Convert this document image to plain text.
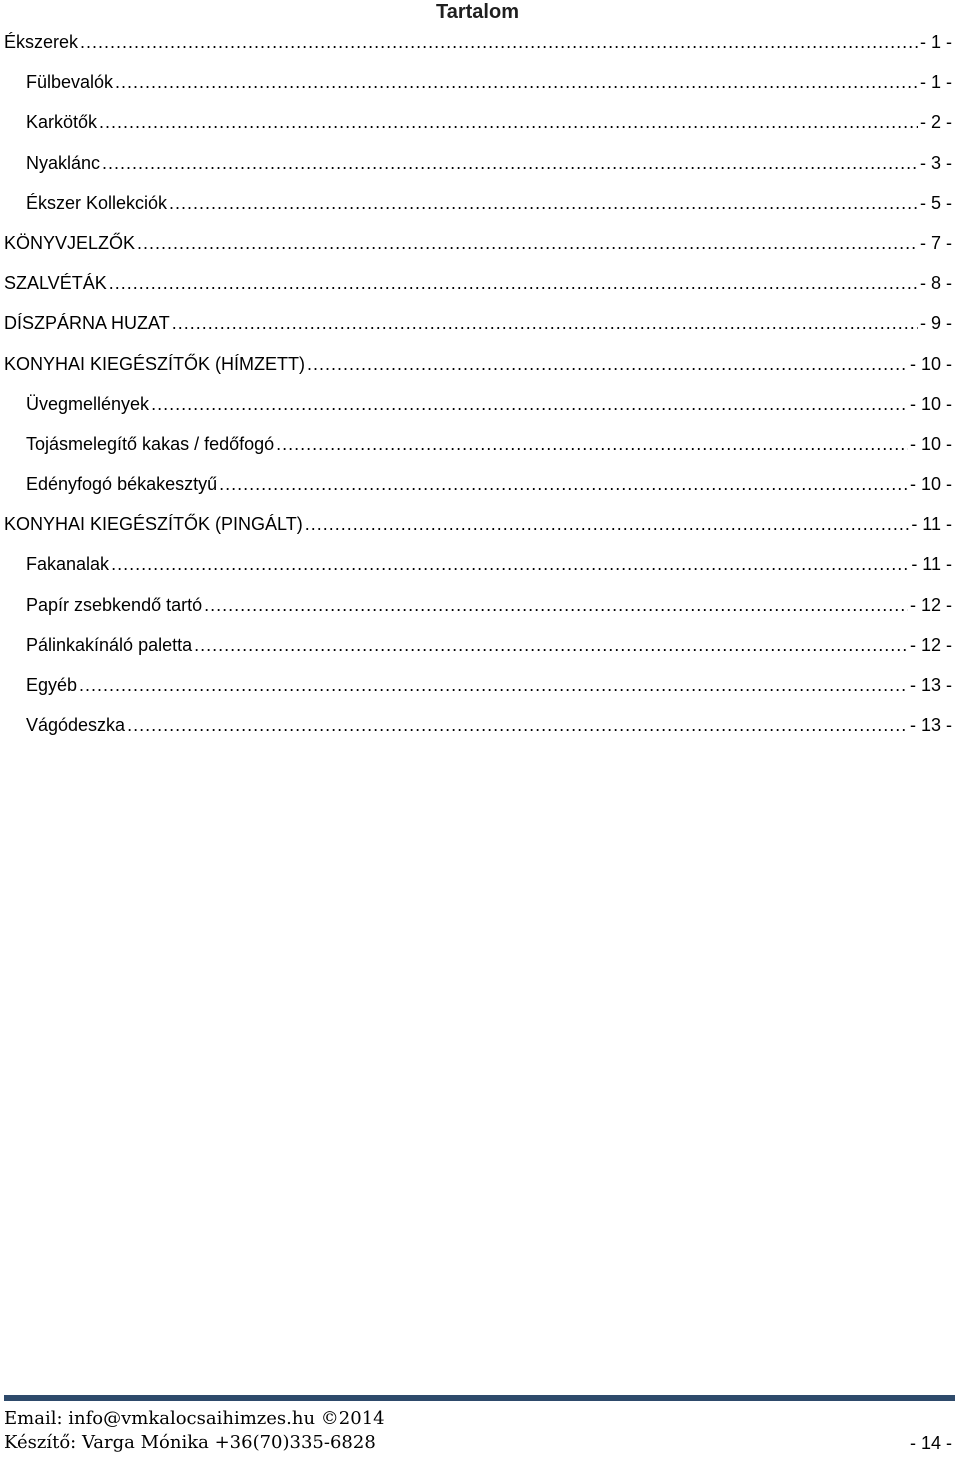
Tartalom
Ékszerek .....	- 1 -
Fülbevalók .....	- 1 -
Karkötők .....	- 2 -
Nyaklánc .....	- 3 -
Ékszer Kollekciók .....	- 5 -
KÖNYVJELZŐK .....	- 7 -
SZALVÉTÁK .....	- 8 -
DÍSZPÁRNA HUZAT .....	- 9 -
KONYHAI KIEGÉSZÍTŐK (HÍMZETT) .....	- 10 -
Üvegmellények .....	- 10 -
Tojásmelegítő kakas / fedőfogó .....	- 10 -
Edényfogó békakesztyű .....	- 10 -
KONYHAI KIEGÉSZÍTŐK (PINGÁLT) .....	- 11 -
Fakanalak .....	- 11 -
Papír zsebkendő tartó .....	- 12 -
Pálinkakínáló paletta .....	- 12 -
Egyéb .....	- 13 -
Vágódeszka .....	- 13 -
Email: info@vmkalocsaihimzes.hu ©2014
Készítő: Varga Mónika +36(70)335-6828	- 14 -
